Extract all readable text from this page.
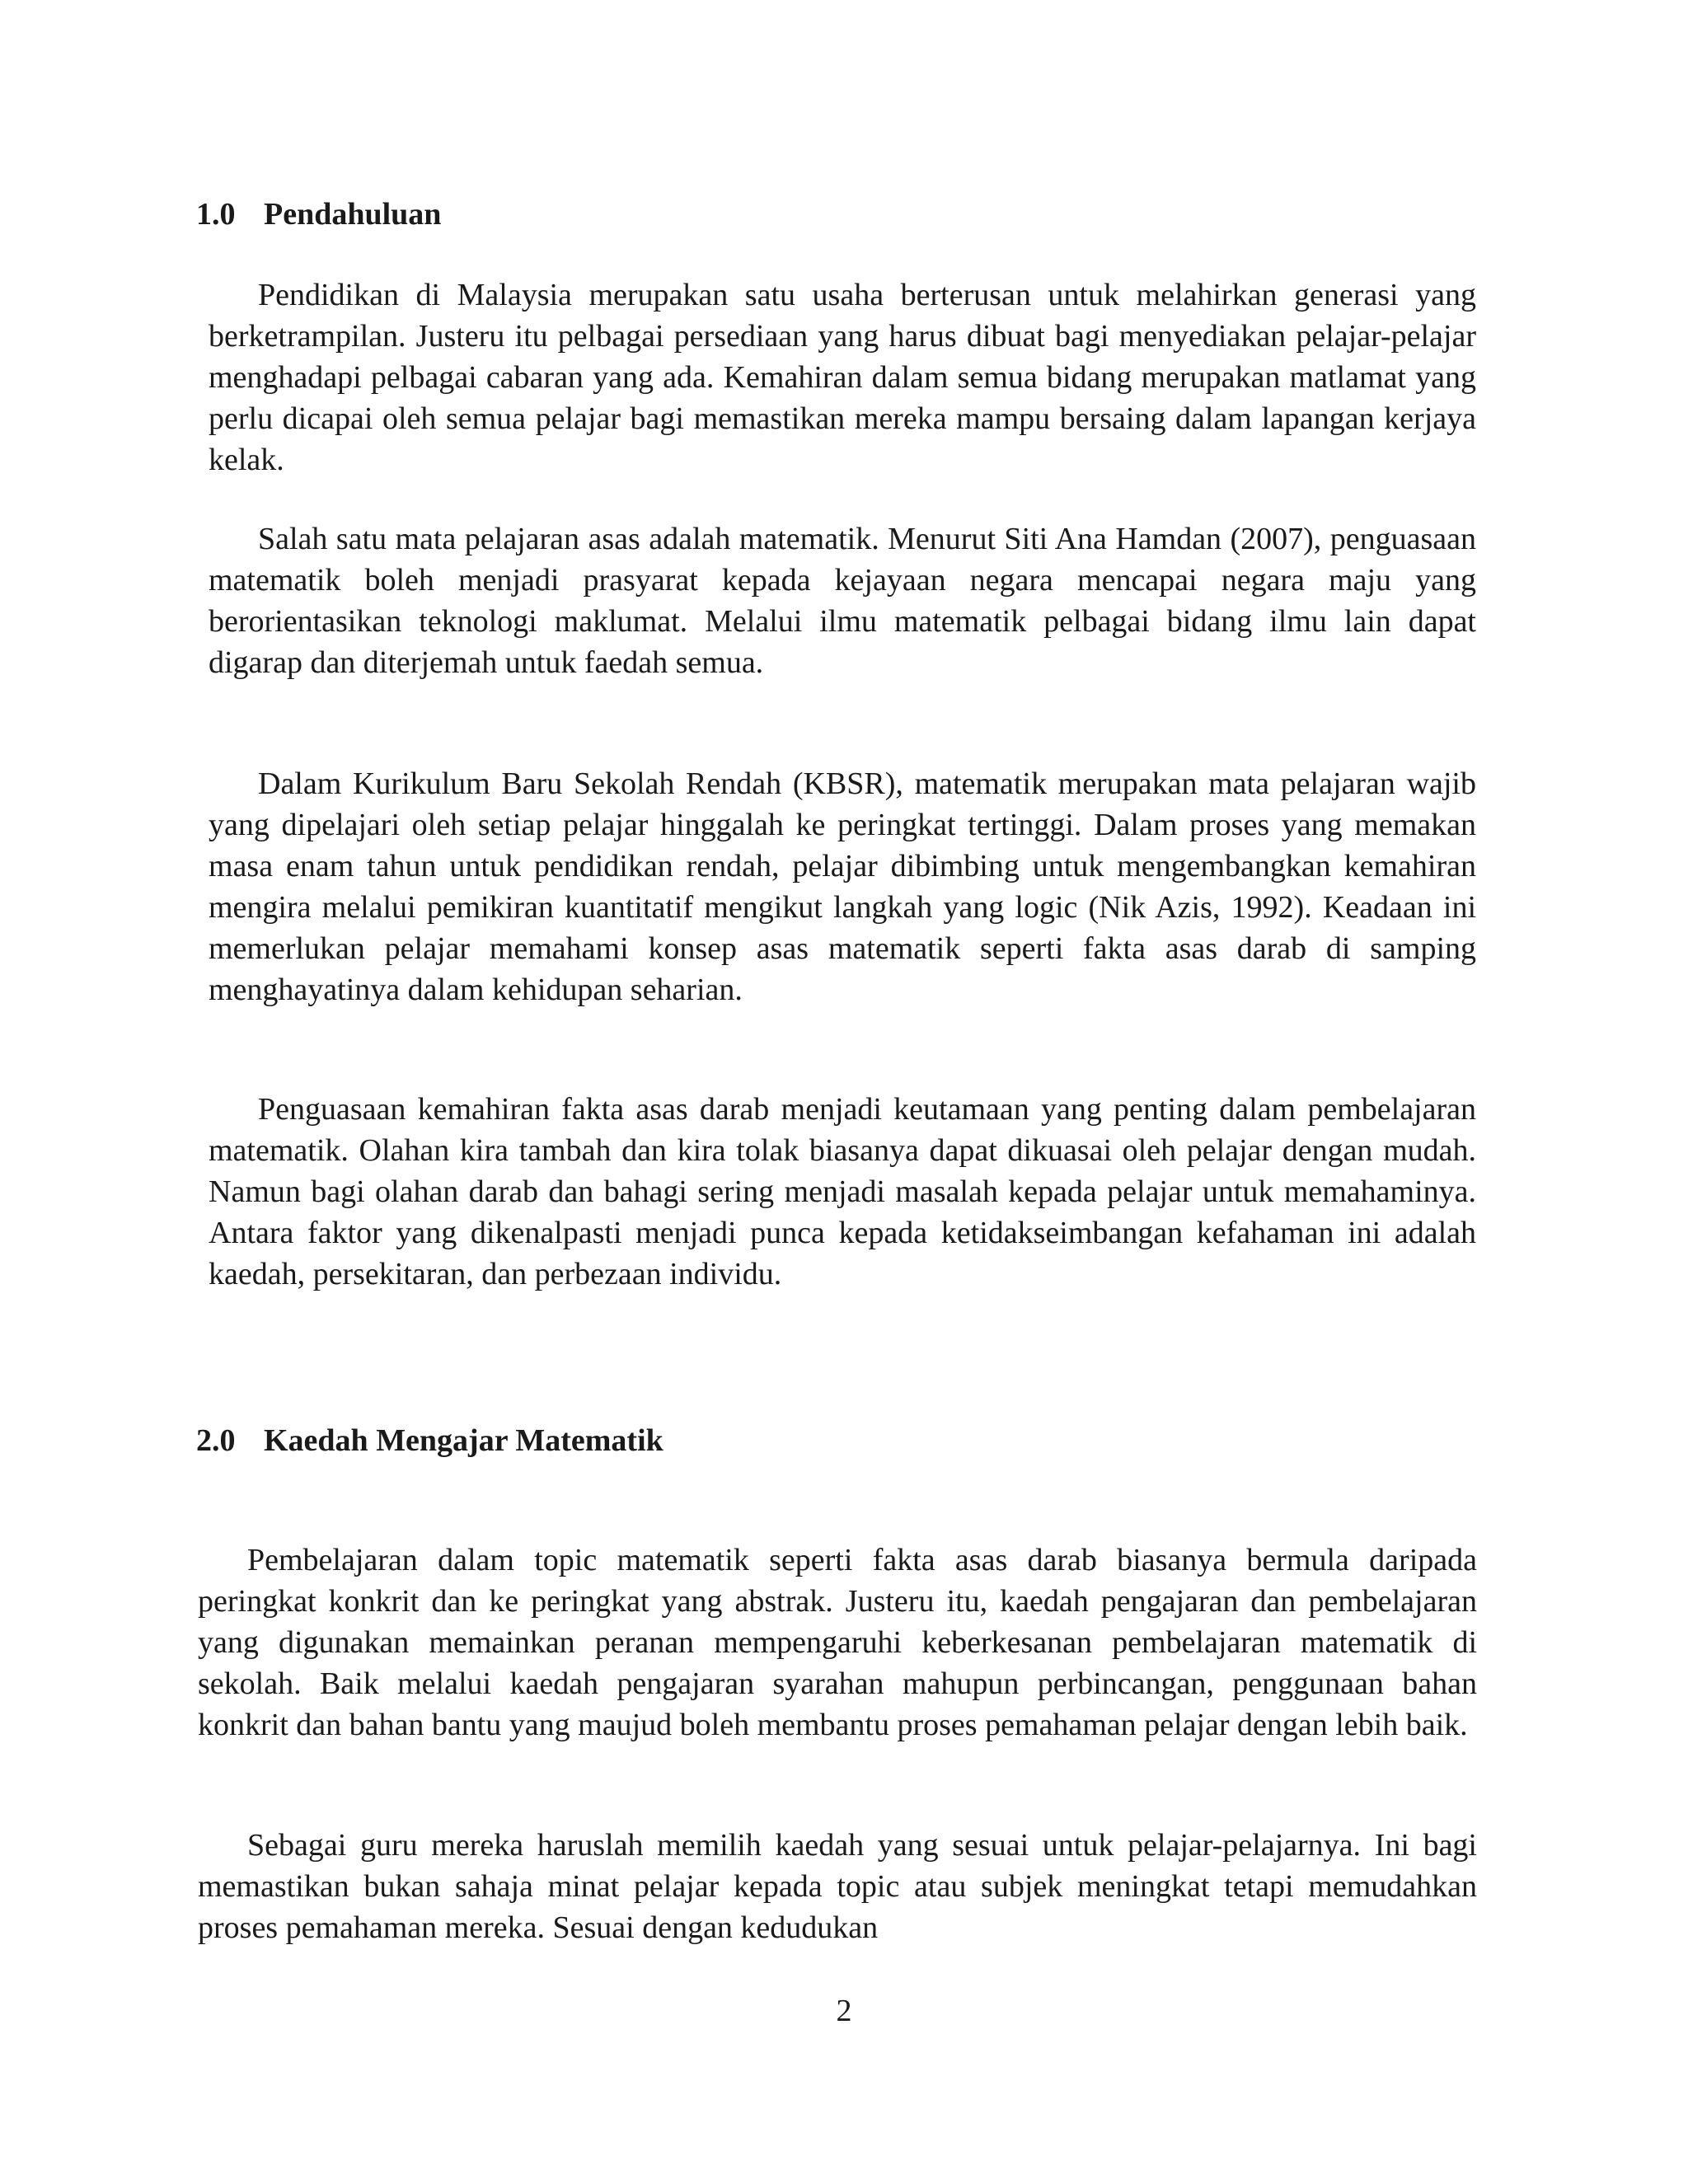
1.0 Pendahuluan

Pendidikan di Malaysia merupakan satu usaha berterusan untuk melahirkan generasi yang berketrampilan. Justeru itu pelbagai persediaan yang harus dibuat bagi menyediakan pelajar-pelajar menghadapi pelbagai cabaran yang ada. Kemahiran dalam semua bidang merupakan matlamat yang perlu dicapai oleh semua pelajar bagi memastikan mereka mampu bersaing dalam lapangan kerjaya kelak.

Salah satu mata pelajaran asas adalah matematik. Menurut Siti Ana Hamdan (2007), penguasaan matematik boleh menjadi prasyarat kepada kejayaan negara mencapai negara maju yang berorientasikan teknologi maklumat. Melalui ilmu matematik pelbagai bidang ilmu lain dapat digarap dan diterjemah untuk faedah semua.

Dalam Kurikulum Baru Sekolah Rendah (KBSR), matematik merupakan mata pelajaran wajib yang dipelajari oleh setiap pelajar hinggalah ke peringkat tertinggi. Dalam proses yang memakan masa enam tahun untuk pendidikan rendah, pelajar dibimbing untuk mengembangkan kemahiran mengira melalui pemikiran kuantitatif mengikut langkah yang logic (Nik Azis, 1992). Keadaan ini memerlukan pelajar memahami konsep asas matematik seperti fakta asas darab di samping menghayatinya dalam kehidupan seharian.

Penguasaan kemahiran fakta asas darab menjadi keutamaan yang penting dalam pembelajaran matematik. Olahan kira tambah dan kira tolak biasanya dapat dikuasai oleh pelajar dengan mudah. Namun bagi olahan darab dan bahagi sering menjadi masalah kepada pelajar untuk memahaminya. Antara faktor yang dikenalpasti menjadi punca kepada ketidakseimbangan kefahaman ini adalah kaedah, persekitaran, dan perbezaan individu.

2.0 Kaedah Mengajar Matematik

Pembelajaran dalam topic matematik seperti fakta asas darab biasanya bermula daripada peringkat konkrit dan ke peringkat yang abstrak. Justeru itu, kaedah pengajaran dan pembelajaran yang digunakan memainkan peranan mempengaruhi keberkesanan pembelajaran matematik di sekolah. Baik melalui kaedah pengajaran syarahan mahupun perbincangan, penggunaan bahan konkrit dan bahan bantu yang maujud boleh membantu proses pemahaman pelajar dengan lebih baik.

Sebagai guru mereka haruslah memilih kaedah yang sesuai untuk pelajar-pelajarnya. Ini bagi memastikan bukan sahaja minat pelajar kepada topic atau subjek meningkat tetapi memudahkan proses pemahaman mereka. Sesuai dengan kedudukan

2
